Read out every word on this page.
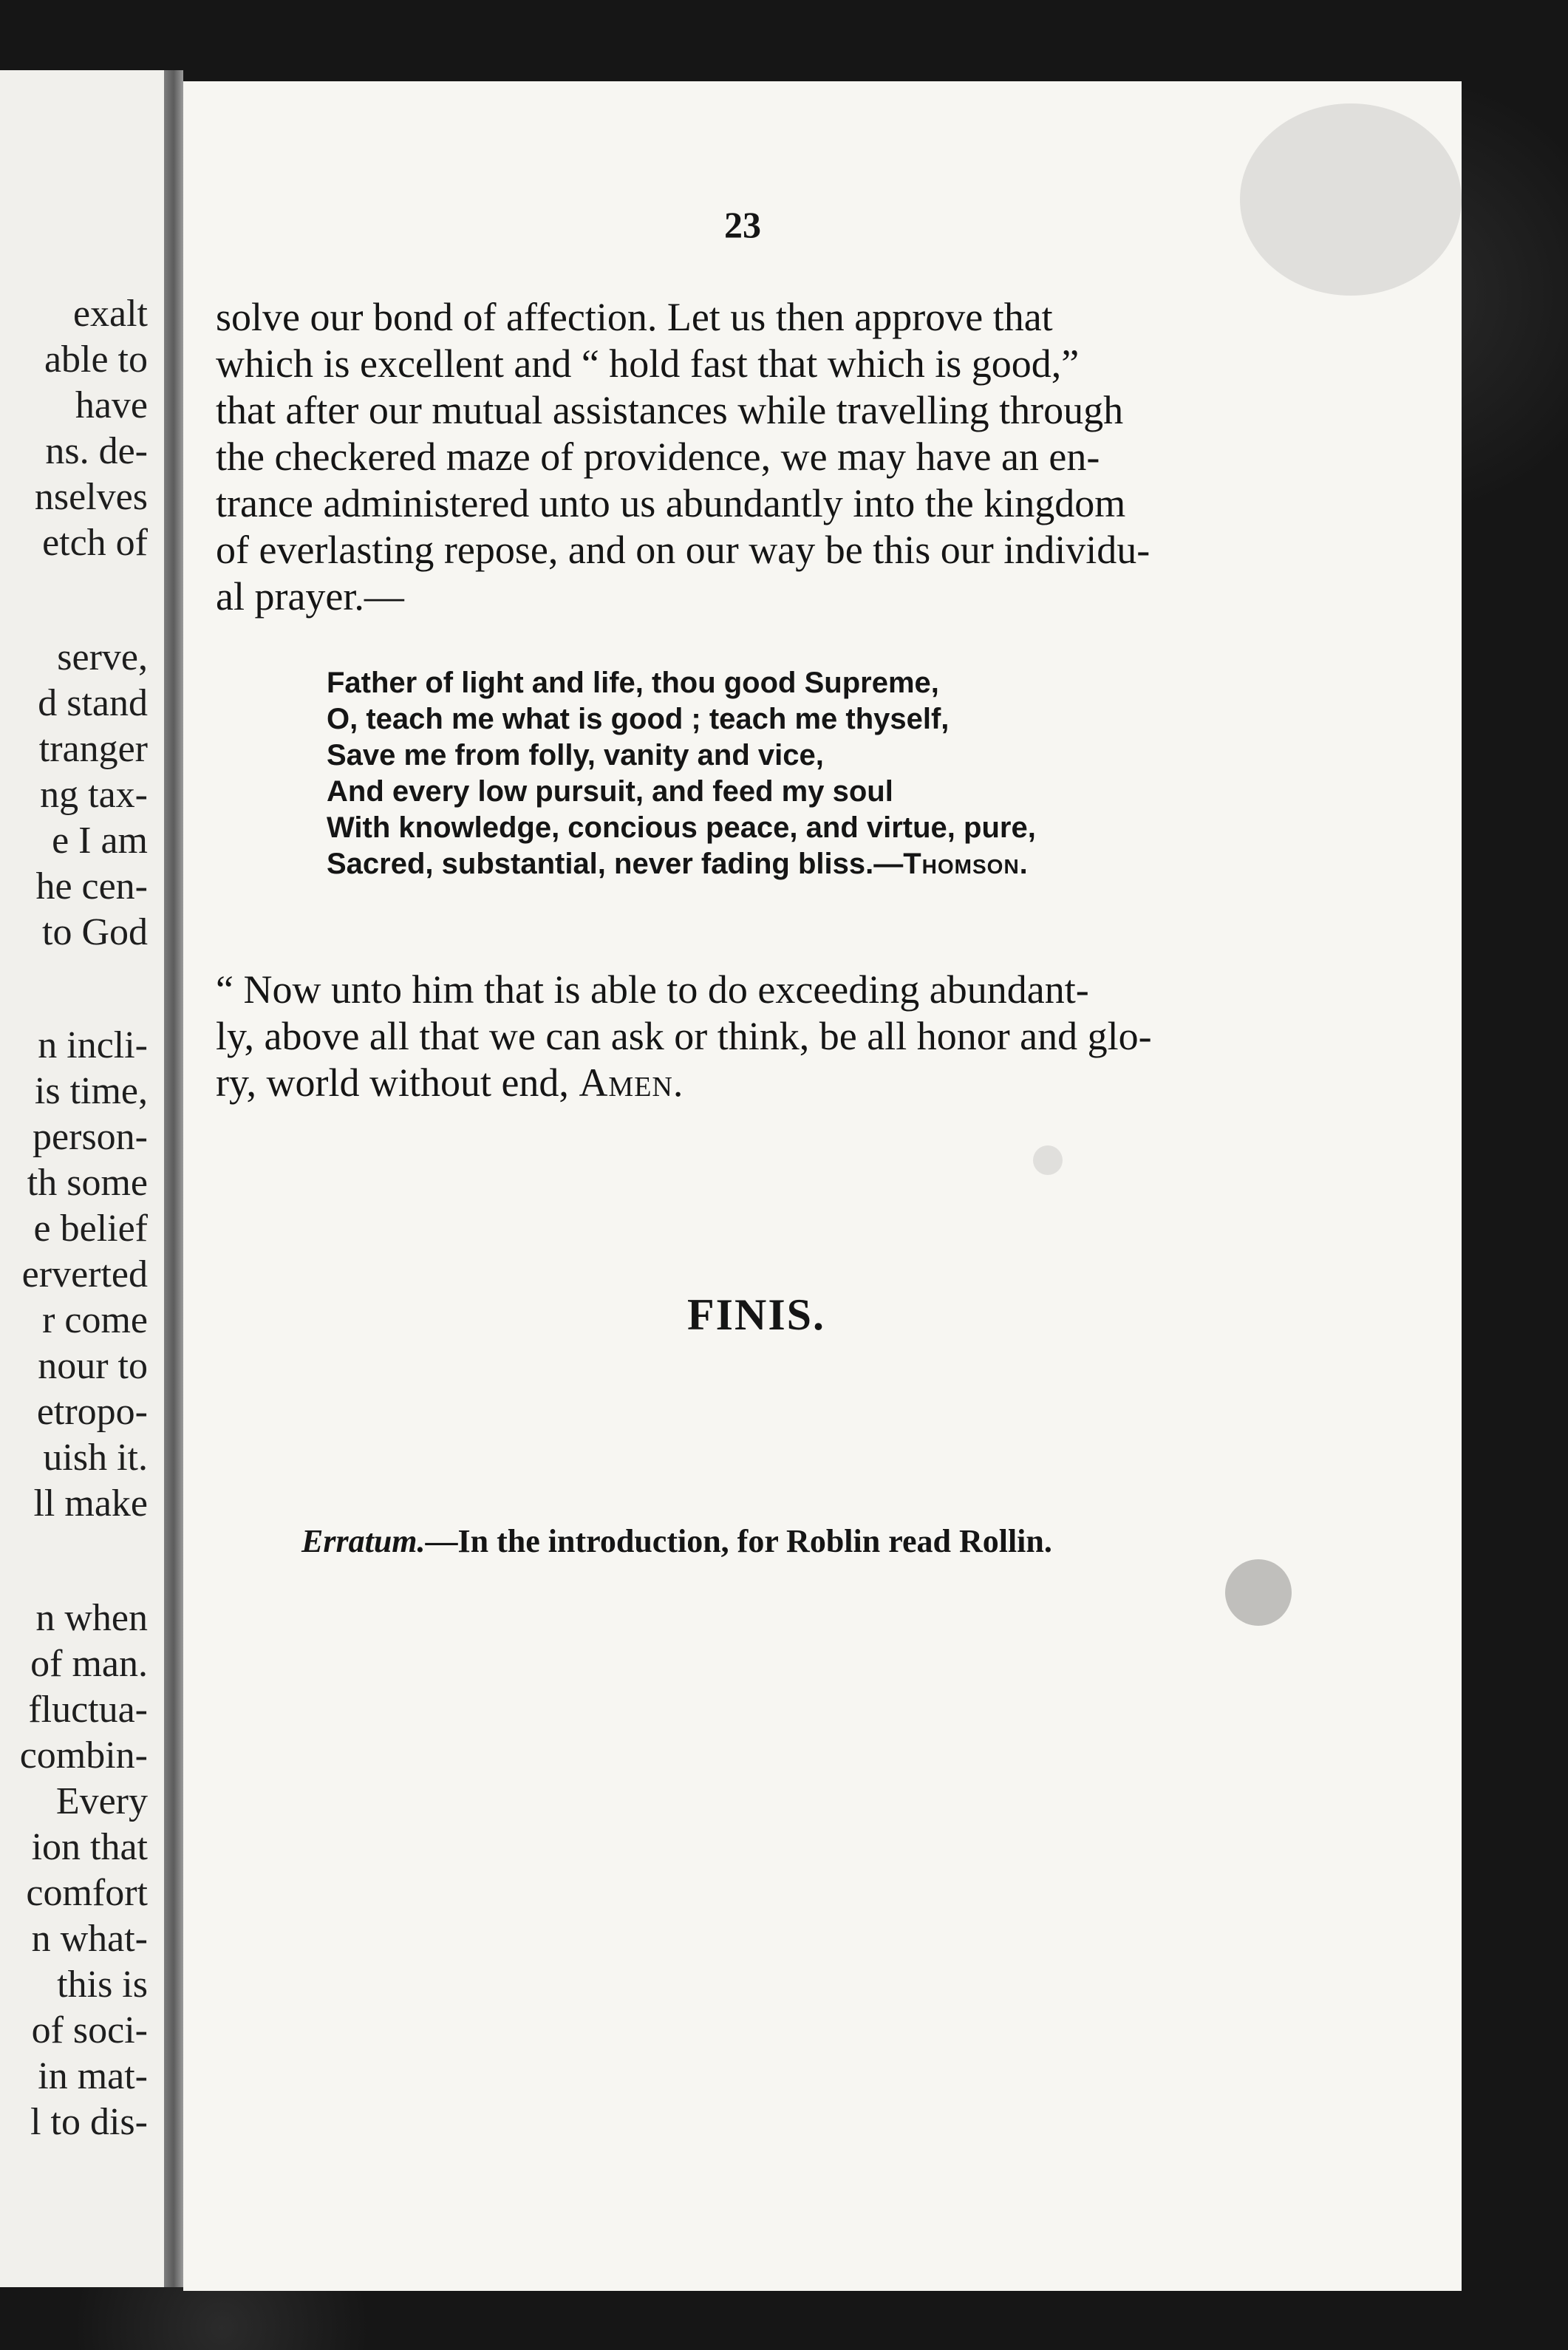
exalt
able to
have
ns. de-
nselves
etch of
serve,
d stand
tranger
ng tax-
e I am
he cen-
to God
n incli-
is time,
person-
th some
e belief
erverted
r come
nour to
etropo-
uish it.
ll make
n when
of man.
fluctua-
combin-
Every
ion that
comfort
n what-
this is
of soci-
in mat-
l to dis-
23
solve our bond of affection. Let us then approve that
which is excellent and “ hold fast that which is good,”
that after our mutual assistances while travelling through
the checkered maze of providence, we may have an en-
trance administered unto us abundantly into the kingdom
of everlasting repose, and on our way be this our individu-
al prayer.—
Father of light and life, thou good Supreme,
O, teach me what is good ; teach me thyself,
Save me from folly, vanity and vice,
And every low pursuit, and feed my soul
With knowledge, concious peace, and virtue, pure,
Sacred, substantial, never fading bliss.—Thomson.
“ Now unto him that is able to do exceeding abundant-
ly, above all that we can ask or think, be all honor and glo-
ry, world without end, Amen.
FINIS.
Erratum.—In the introduction, for Roblin read Rollin.
